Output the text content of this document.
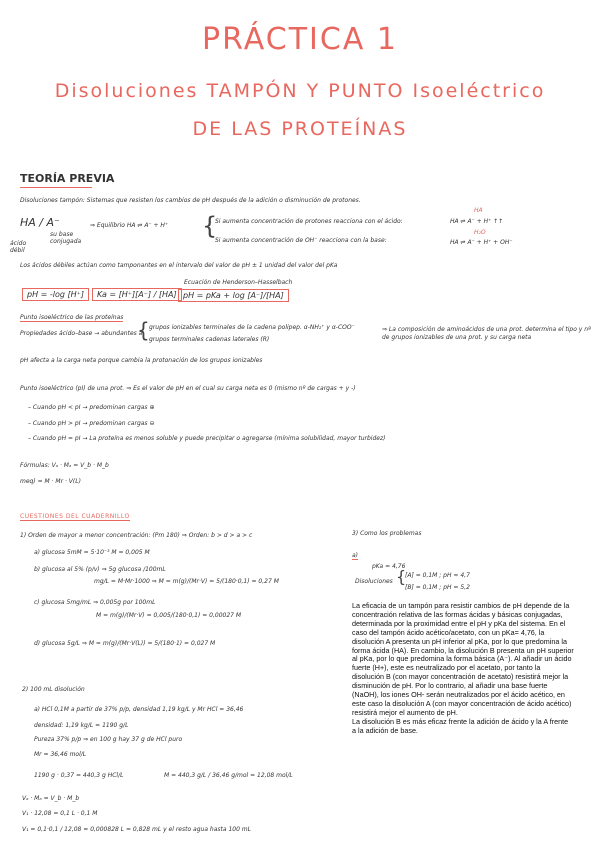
PRÁCTICA 1
Disoluciones TAMPÓN Y PUNTO Isoeléctrico
DE LAS PROTEÍNAS
TEORÍA PREVIA
Disoluciones tampón: Sistemas que resisten los cambios de pH después de la adición o disminución de protones.
HA / A⁻
ácido débil
su base conjugada
⇒ Equilibrio HA ⇌ A⁻ + H⁺ {
Si aumenta concentración de protones reacciona con el ácido:
Si aumenta concentración de OH⁻ reacciona con la base:
HA
HA ⇌ A⁻ + H⁺ ↑↑
H₂O
HA ⇌ A⁻ + H⁺ + OH⁻
Los ácidos débiles actúan como tamponantes en el intervalo del valor de pH ± 1 unidad del valor del pKa
Ecuación de Henderson–Hasselbach
pH = -log [H⁺]	Ka = [H⁺][A⁻] / [HA] pH = pKa + log [A⁻]/[HA]
Punto isoeléctrico de las proteínas
Propiedades ácido–base → abundantes a
{ grupos ionizables terminales de la cadena polipep. α-NH₂⁺ y α-COO⁻
grupos terminales cadenas laterales (R)
⇒ La composición de aminoácidos de una prot. determina el tipo y nº de grupos ionizables de una prot. y su carga neta
pH afecta a la carga neta porque cambia la protonación de los grupos ionizables
Punto isoeléctrico (pI) de una prot. ⇒ Es el valor de pH en el cual su carga neta es 0 (mismo nº de cargas + y -)
– Cuando pH < pI → predominan cargas ⊕
– Cuando pH > pI → predominan cargas ⊖
– Cuando pH = pI → La proteína es menos soluble y puede precipitar o agregarse (mínima solubilidad, mayor turbidez)
Fórmulas: Vₐ · Mₐ = V_b · M_b
meq) = M · Mr · V(L)
CUESTIONES DEL CUADERNILLO
1) Orden de mayor a menor concentración: (Pm 180) ⇒ Orden: b > d > a > c
a) glucosa 5mM = 5·10⁻³ M = 0,005 M
b) glucosa al 5% (p/v) ⇒ 5g glucosa /100mL
mg/L = M·Mr·1000 ⇒ M = m(g)/(Mr·V) = 5/(180·0,1) = 0,27 M
c) glucosa 5mg/mL ⇒ 0,005g por 100mL
M = m(g)/(Mr·V) = 0,005/(180·0,1) = 0,00027 M
d) glucosa 5g/L ⇒ M = m(g)/(Mr·V(L)) = 5/(180·1) = 0,027 M
2) 100 mL disolución
a) HCl 0,1M a partir de 37% p/p, densidad 1,19 kg/L y Mr HCl = 36,46
densidad: 1,19 kg/L = 1190 g/L
Pureza 37% p/p ⇒ en 100 g hay 37 g de HCl puro
Mr = 36,46 mol/L
1190 g · 0,37 = 440,3 g HCl/L	M = 440,3 g/L / 36,46 g/mol = 12,08 mol/L
Vₐ · Mₐ = V_b · M_b
V₁ · 12,08 = 0,1 L · 0,1 M
V₁ = 0,1·0,1 / 12,08 = 0,000828 L = 0,828 mL y el resto agua hasta 100 mL
3) Como los problemas
a)
pKa = 4,76
Disoluciones {
[A] = 0,1M ; pH ≈ 4,7
[B] = 0,1M ; pH = 5,2

La eficacia de un tampón para resistir cambios de pH depende de la concentración relativa de las formas ácidas y básicas conjugadas, determinada por la proximidad entre el pH y pKa del sistema. En el caso del tampón ácido acético/acetato, con un pKa= 4,76, la disolución A presenta un pH inferior al pKa, por lo que predomina la forma ácida (HA). En cambio, la disolución B presenta un pH superior al pKa, por lo que predomina la forma básica (A⁻). Al añadir un ácido fuerte (H+), este es neutralizado por el acetato, por tanto la disolución B (con mayor concentración de acetato) resistirá mejor la disminución de pH. Por lo contrario, al añadir una base fuerte (NaOH), los iones OH- serán neutralizados por el ácido acético, en este caso la disolución A (con mayor concentración de ácido acético) resistirá mejor el aumento de pH.

La disolución B es más eficaz frente la adición de ácido y la A frente a la adición de base.
